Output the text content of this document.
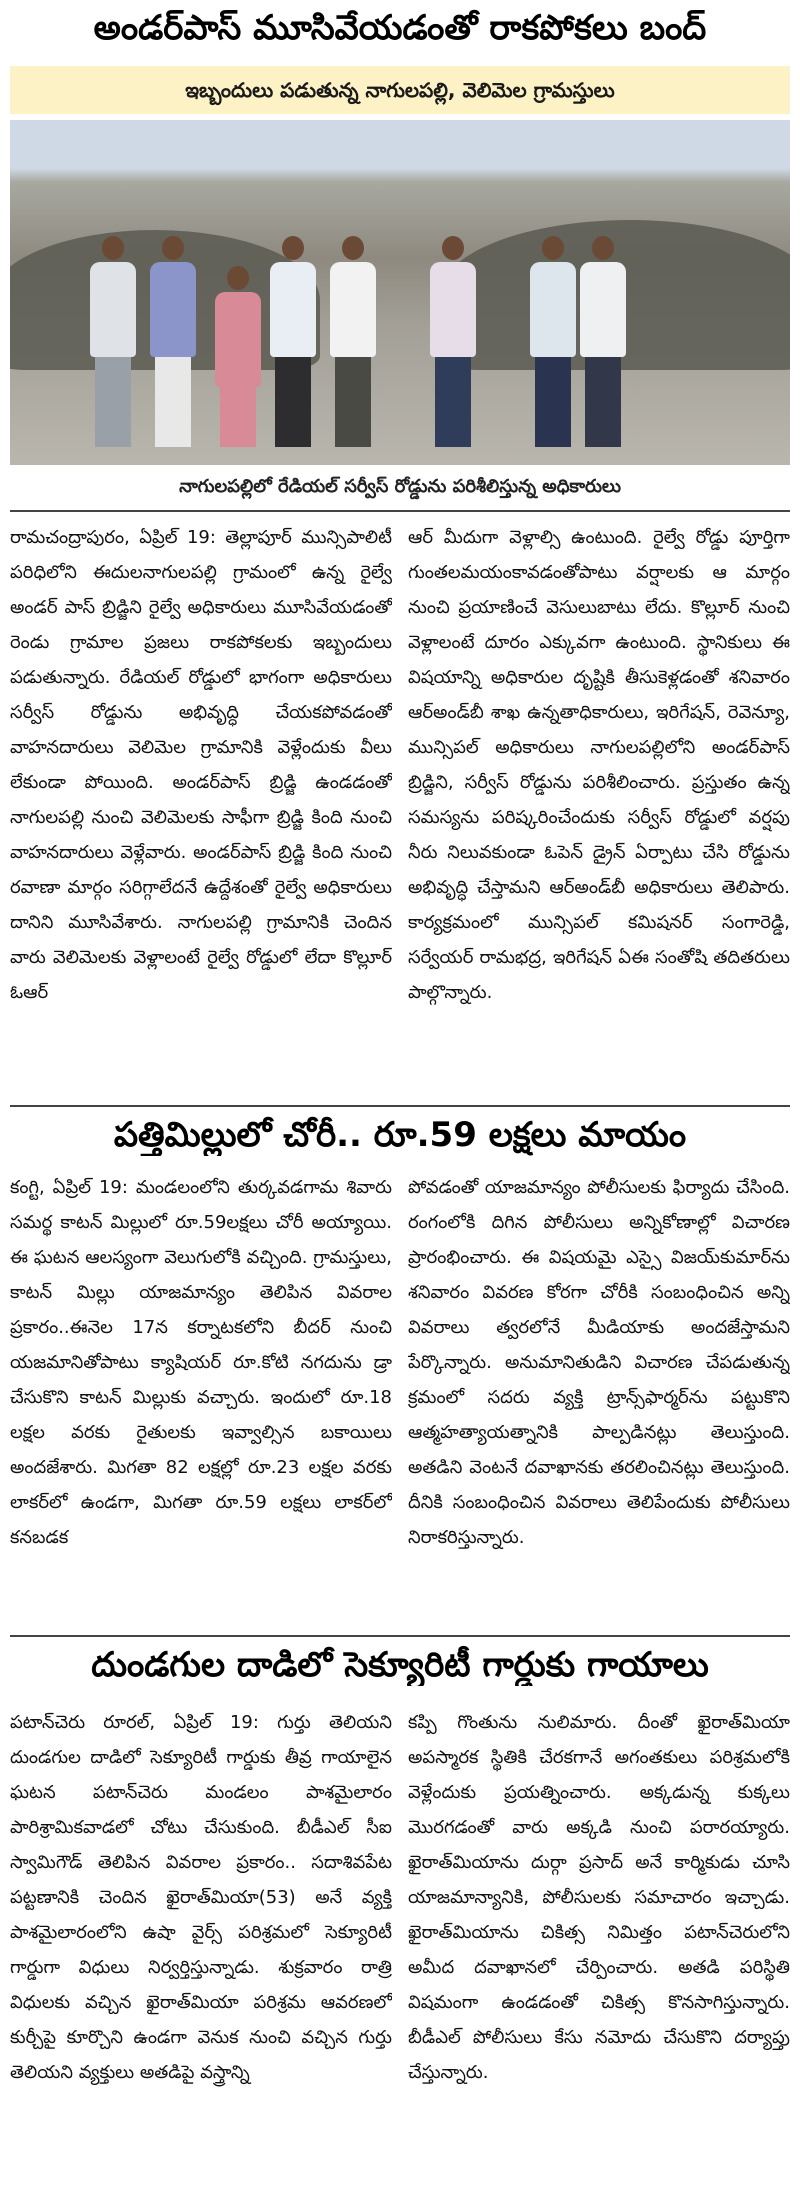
అండర్‌పాస్ మూసివేయడంతో రాకపోకలు బంద్
ఇబ్బందులు పడుతున్న నాగులపల్లి, వెలిమెల గ్రామస్తులు
నాగులపల్లిలో రేడియల్ సర్వీస్ రోడ్డును పరిశీలిస్తున్న అధికారులు
రామచంద్రాపురం, ఏప్రిల్ 19: తెల్లాపూర్ మున్సిపాలిటీ పరిధిలోని ఈదులనాగులపల్లి గ్రామంలో ఉన్న రైల్వే అండర్ పాస్ బ్రిడ్జిని రైల్వే అధికారులు మూసివేయడంతో రెండు గ్రామాల ప్రజలు రాకపోకలకు ఇబ్బందులు పడుతున్నారు. రేడియల్ రోడ్డులో భాగంగా అధికారులు సర్వీస్ రోడ్డును అభివృద్ధి చేయకపోవడంతో వాహనదారులు వెలిమెల గ్రామానికి వెళ్లేందుకు వీలు లేకుండా పోయింది. అండర్‌పాస్ బ్రిడ్జి ఉండడంతో నాగులపల్లి నుంచి వెలిమెలకు సాఫీగా బ్రిడ్జి కింది నుంచి వాహనదారులు వెళ్లేవారు. అండర్‌పాస్ బ్రిడ్జి కింది నుంచి రవాణా మార్గం సరిగ్గాలేదనే ఉద్దేశంతో రైల్వే అధికారులు దానిని మూసివేశారు. నాగులపల్లి గ్రామానికి చెందిన వారు వెలిమెలకు వెళ్లాలంటే రైల్వే రోడ్డులో లేదా కొల్లూర్ ఓఆర్
ఆర్ మీదుగా వెళ్లాల్సి ఉంటుంది. రైల్వే రోడ్డు పూర్తిగా గుంతలమయంకావడంతోపాటు వర్షాలకు ఆ మార్గం నుంచి ప్రయాణించే వెసులుబాటు లేదు. కొల్లూర్ నుంచి వెళ్లాలంటే దూరం ఎక్కువగా ఉంటుంది. స్థానికులు ఈ విషయాన్ని అధికారుల దృష్టికి తీసుకెళ్లడంతో శనివారం ఆర్అండ్‌బీ శాఖ ఉన్నతాధికారులు, ఇరిగేషన్, రెవెన్యూ, మున్సిపల్ అధికారులు నాగులపల్లిలోని అండర్‌పాస్ బ్రిడ్జిని, సర్వీస్ రోడ్డును పరిశీలించారు. ప్రస్తుతం ఉన్న సమస్యను పరిష్కరించేందుకు సర్వీస్ రోడ్డులో వర్షపు నీరు నిలువకుండా ఓపెన్ డ్రైన్ ఏర్పాటు చేసి రోడ్డును అభివృద్ధి చేస్తామని ఆర్అండ్‌బీ అధికారులు తెలిపారు. కార్యక్రమంలో మున్సిపల్ కమిషనర్ సంగారెడ్డి, సర్వేయర్ రామభద్ర, ఇరిగేషన్ ఏఈ సంతోషి తదితరులు పాల్గొన్నారు.
పత్తిమిల్లులో చోరీ.. రూ.59 లక్షలు మాయం
కంగ్టి, ఏప్రిల్ 19: మండలంలోని తుర్కవడగామ శివారు సమర్థ కాటన్ మిల్లులో రూ.59లక్షలు చోరీ అయ్యాయి. ఈ ఘటన ఆలస్యంగా వెలుగులోకి వచ్చింది. గ్రామస్తులు, కాటన్ మిల్లు యాజమాన్యం తెలిపిన వివరాల ప్రకారం..ఈనెల 17న కర్నాటకలోని బీదర్ నుంచి యజమానితోపాటు క్యాషియర్ రూ.కోటి నగదును డ్రా చేసుకొని కాటన్ మిల్లుకు వచ్చారు. ఇందులో రూ.18 లక్షల వరకు రైతులకు ఇవ్వాల్సిన బకాయిలు అందజేశారు. మిగతా 82 లక్షల్లో రూ.23 లక్షల వరకు లాకర్‌లో ఉండగా, మిగతా రూ.59 లక్షలు లాకర్‌లో కనబడక
పోవడంతో యాజమాన్యం పోలీసులకు ఫిర్యాదు చేసింది. రంగంలోకి దిగిన పోలీసులు అన్నికోణాల్లో విచారణ ప్రారంభించారు. ఈ విషయమై ఎస్సై విజయ్‌కుమార్‌ను శనివారం వివరణ కోరగా చోరీకి సంబంధించిన అన్ని వివరాలు త్వరలోనే మీడియాకు అందజేస్తామని పేర్కొన్నారు. అనుమానితుడిని విచారణ చేపడుతున్న క్రమంలో సదరు వ్యక్తి ట్రాన్స్‌ఫార్మర్‌ను పట్టుకొని ఆత్మహత్యాయత్నానికి పాల్పడినట్లు తెలుస్తుంది. అతడిని వెంటనే దవాఖానకు తరలించినట్లు తెలుస్తుంది. దీనికి సంబంధించిన వివరాలు తెలిపేందుకు పోలీసులు నిరాకరిస్తున్నారు.
దుండగుల దాడిలో సెక్యూరిటీ గార్డుకు గాయాలు
పటాన్‌చెరు రూరల్, ఏప్రిల్ 19: గుర్తు తెలియని దుండగుల దాడిలో సెక్యూరిటీ గార్డుకు తీవ్ర గాయాలైన ఘటన పటాన్‌చెరు మండలం పాశమైలారం పారిశ్రామికవాడలో చోటు చేసుకుంది. బీడీఎల్ సీఐ స్వామిగౌడ్ తెలిపిన వివరాల ప్రకారం.. సదాశివపేట పట్టణానికి చెందిన ఖైరాత్‌మియా(53) అనే వ్యక్తి పాశమైలారంలోని ఉషా వైర్స్ పరిశ్రమలో సెక్యూరిటీ గార్డుగా విధులు నిర్వర్తిస్తున్నాడు. శుక్రవారం రాత్రి విధులకు వచ్చిన ఖైరాత్‌మియా పరిశ్రమ ఆవరణలో కుర్చీపై కూర్చొని ఉండగా వెనుక నుంచి వచ్చిన గుర్తు తెలియని వ్యక్తులు అతడిపై వస్త్రాన్ని
కప్పి గొంతును నులిమారు. దీంతో ఖైరాత్‌మియా అపస్మారక స్థితికి చేరకగానే అగంతకులు పరిశ్రమలోకి వెళ్లేందుకు ప్రయత్నించారు. అక్కడున్న కుక్కలు మొరగడంతో వారు అక్కడి నుంచి పరారయ్యారు. ఖైరాత్‌మియాను దుర్గా ప్రసాద్ అనే కార్మికుడు చూసి యాజమాన్యానికి, పోలీసులకు సమాచారం ఇచ్చాడు. ఖైరాత్‌మియాను చికిత్స నిమిత్తం పటాన్‌చెరులోని అమీద దవాఖానలో చేర్పించారు. అతడి పరిస్థితి విషమంగా ఉండడంతో చికిత్స కొనసాగిస్తున్నారు. బీడీఎల్ పోలీసులు కేసు నమోదు చేసుకొని దర్యాప్తు చేస్తున్నారు.
